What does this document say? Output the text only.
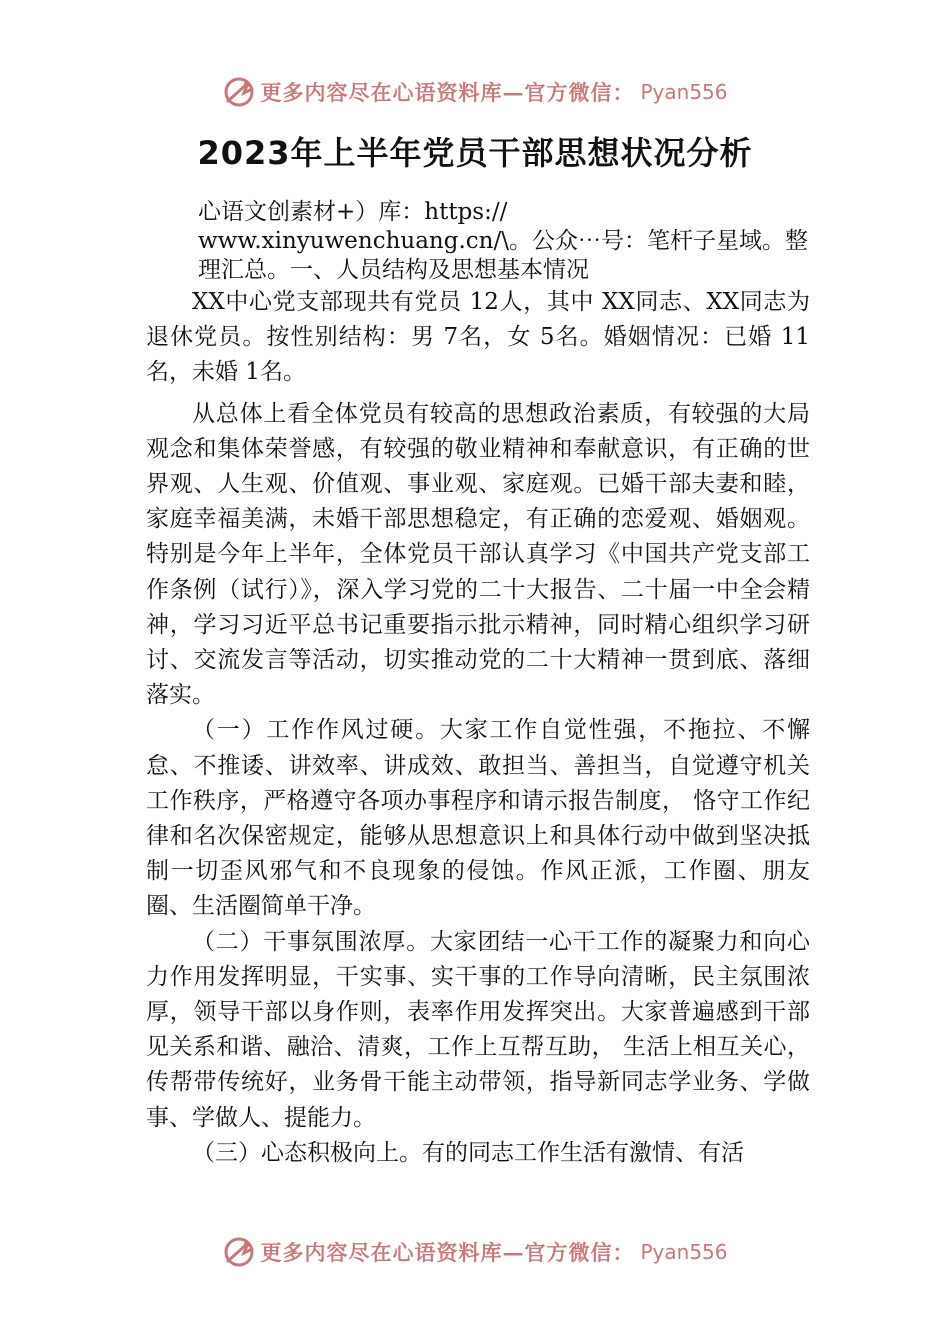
更多内容尽在心语资料库—官方微信： Pyan556
2023年上半年党员干部思想状况分析

心语文创素材+）库：https:// www.xinyuwenchuang.cn/\。公众⋯号：笔杆子星域。整理汇总。一、人员结构及思想基本情况

XX中心党支部现共有党员 12人，其中 XX同志、XX同志为退休党员。按性别结构：男 7名，女 5名。婚姻情况：已婚 11名，未婚 1名。

从总体上看全体党员有较高的思想政治素质，有较强的大局观念和集体荣誉感，有较强的敬业精神和奉献意识，有正确的世界观、人生观、价值观、事业观、家庭观。已婚干部夫妻和睦，家庭幸福美满，未婚干部思想稳定，有正确的恋爱观、婚姻观。特别是今年上半年，全体党员干部认真学习《中国共产党支部工作条例（试行）》，深入学习党的二十大报告、二十届一中全会精神，学习习近平总书记重要指示批示精神，同时精心组织学习研讨、交流发言等活动，切实推动党的二十大精神一贯到底、落细落实。

（一）工作作风过硬。大家工作自觉性强，不拖拉、不懈怠、不推诿、讲效率、讲成效、敢担当、善担当，自觉遵守机关工作秩序，严格遵守各项办事程序和请示报告制度， 恪守工作纪律和名次保密规定，能够从思想意识上和具体行动中做到坚决抵制一切歪风邪气和不良现象的侵蚀。作风正派，工作圈、朋友圈、生活圈简单干净。

（二）干事氛围浓厚。大家团结一心干工作的凝聚力和向心力作用发挥明显，干实事、实干事的工作导向清晰，民主氛围浓厚，领导干部以身作则，表率作用发挥突出。大家普遍感到干部见关系和谐、融洽、清爽，工作上互帮互助， 生活上相互关心，传帮带传统好，业务骨干能主动带领，指导新同志学业务、学做事、学做人、提能力。

（三）心态积极向上。有的同志工作生活有激情、有活

更多内容尽在心语资料库—官方微信： Pyan556
